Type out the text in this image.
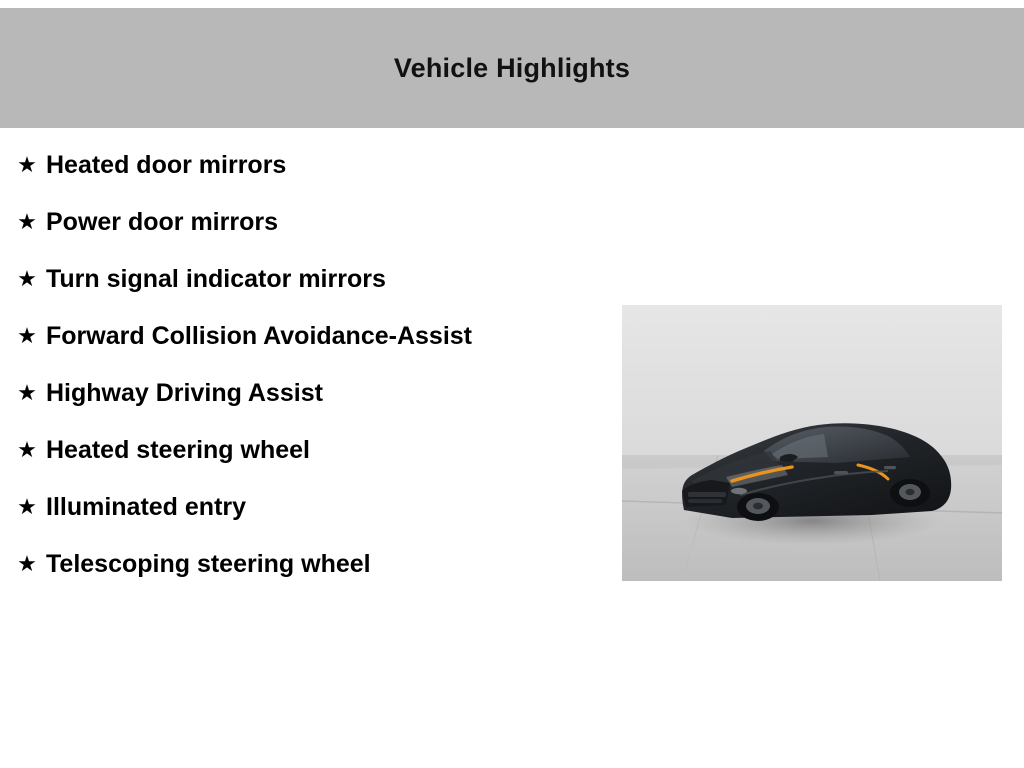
Vehicle Highlights
★ Heated door mirrors
★ Power door mirrors
★ Turn signal indicator mirrors
★ Forward Collision Avoidance-Assist
★ Highway Driving Assist
★ Heated steering wheel
★ Illuminated entry
★ Telescoping steering wheel
